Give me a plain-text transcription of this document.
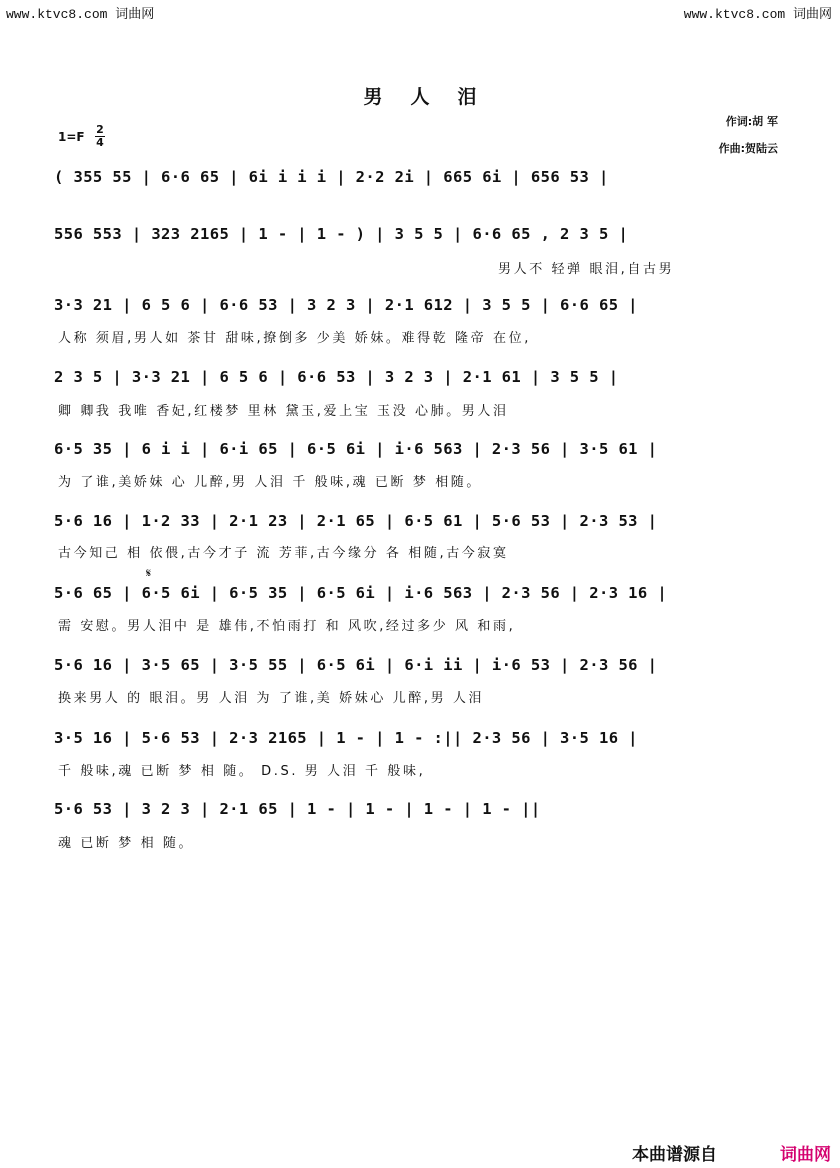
www.ktvc8.com 词曲网	www.ktvc8.com 词曲网
男人泪
作词:胡 军
作曲:贺陆云
1=F
2
4
( 355 55 | 6·6 65 | 6i i i i | 2·2 2i | 665 6i | 656 53 |
556 553 | 323 2165 | 1 - | 1 - ) | 3 5 5 | 6·6 65 , 2 3 5 |
男人不 轻弹 眼泪,自古男
3·3 21 | 6 5 6 | 6·6 53 | 3 2 3 | 2·1 612 | 3 5 5 | 6·6 65 |
人称 须眉,男人如 茶甘 甜味,撩倒多 少美 娇妹。难得乾 隆帝 在位,
2 3 5 | 3·3 21 | 6 5 6 | 6·6 53 | 3 2 3 | 2·1 61 | 3 5 5 |
卿 卿我 我唯 香妃,红楼梦 里林 黛玉,爱上宝 玉没 心肺。男人泪
6·5 35 | 6 i i | 6·i 65 | 6·5 6i | i·6 563 | 2·3 56 | 3·5 61 |
为 了谁,美娇妹 心 儿醉,男 人泪 千 般味,魂 已断 梦 相随。
5·6 16 | 1·2 33 | 2·1 23 | 2·1 65 | 6·5 61 | 5·6 53 | 2·3 53 |
古今知己 相 依偎,古今才子 流 芳菲,古今缘分 各 相随,古今寂寞
𝄋
5·6 65 | 6·5 6i | 6·5 35 | 6·5 6i | i·6 563 | 2·3 56 | 2·3 16 |
需 安慰。男人泪中 是 雄伟,不怕雨打 和 风吹,经过多少 风 和雨,
5·6 16 | 3·5 65 | 3·5 55 | 6·5 6i | 6·i ii | i·6 53 | 2·3 56 |
换来男人 的 眼泪。男 人泪 为 了谁,美 娇妹心 儿醉,男 人泪
3·5 16 | 5·6 53 | 2·3 2165 | 1 - | 1 - :|| 2·3 56 | 3·5 16 |
千 般味,魂 已断 梦 相 随。 D.S. 男 人泪 千 般味,
5·6 53 | 3 2 3 | 2·1 65 | 1 - | 1 - | 1 - | 1 - ||
魂 已断 梦 相 随。
本曲谱源自	词曲网
